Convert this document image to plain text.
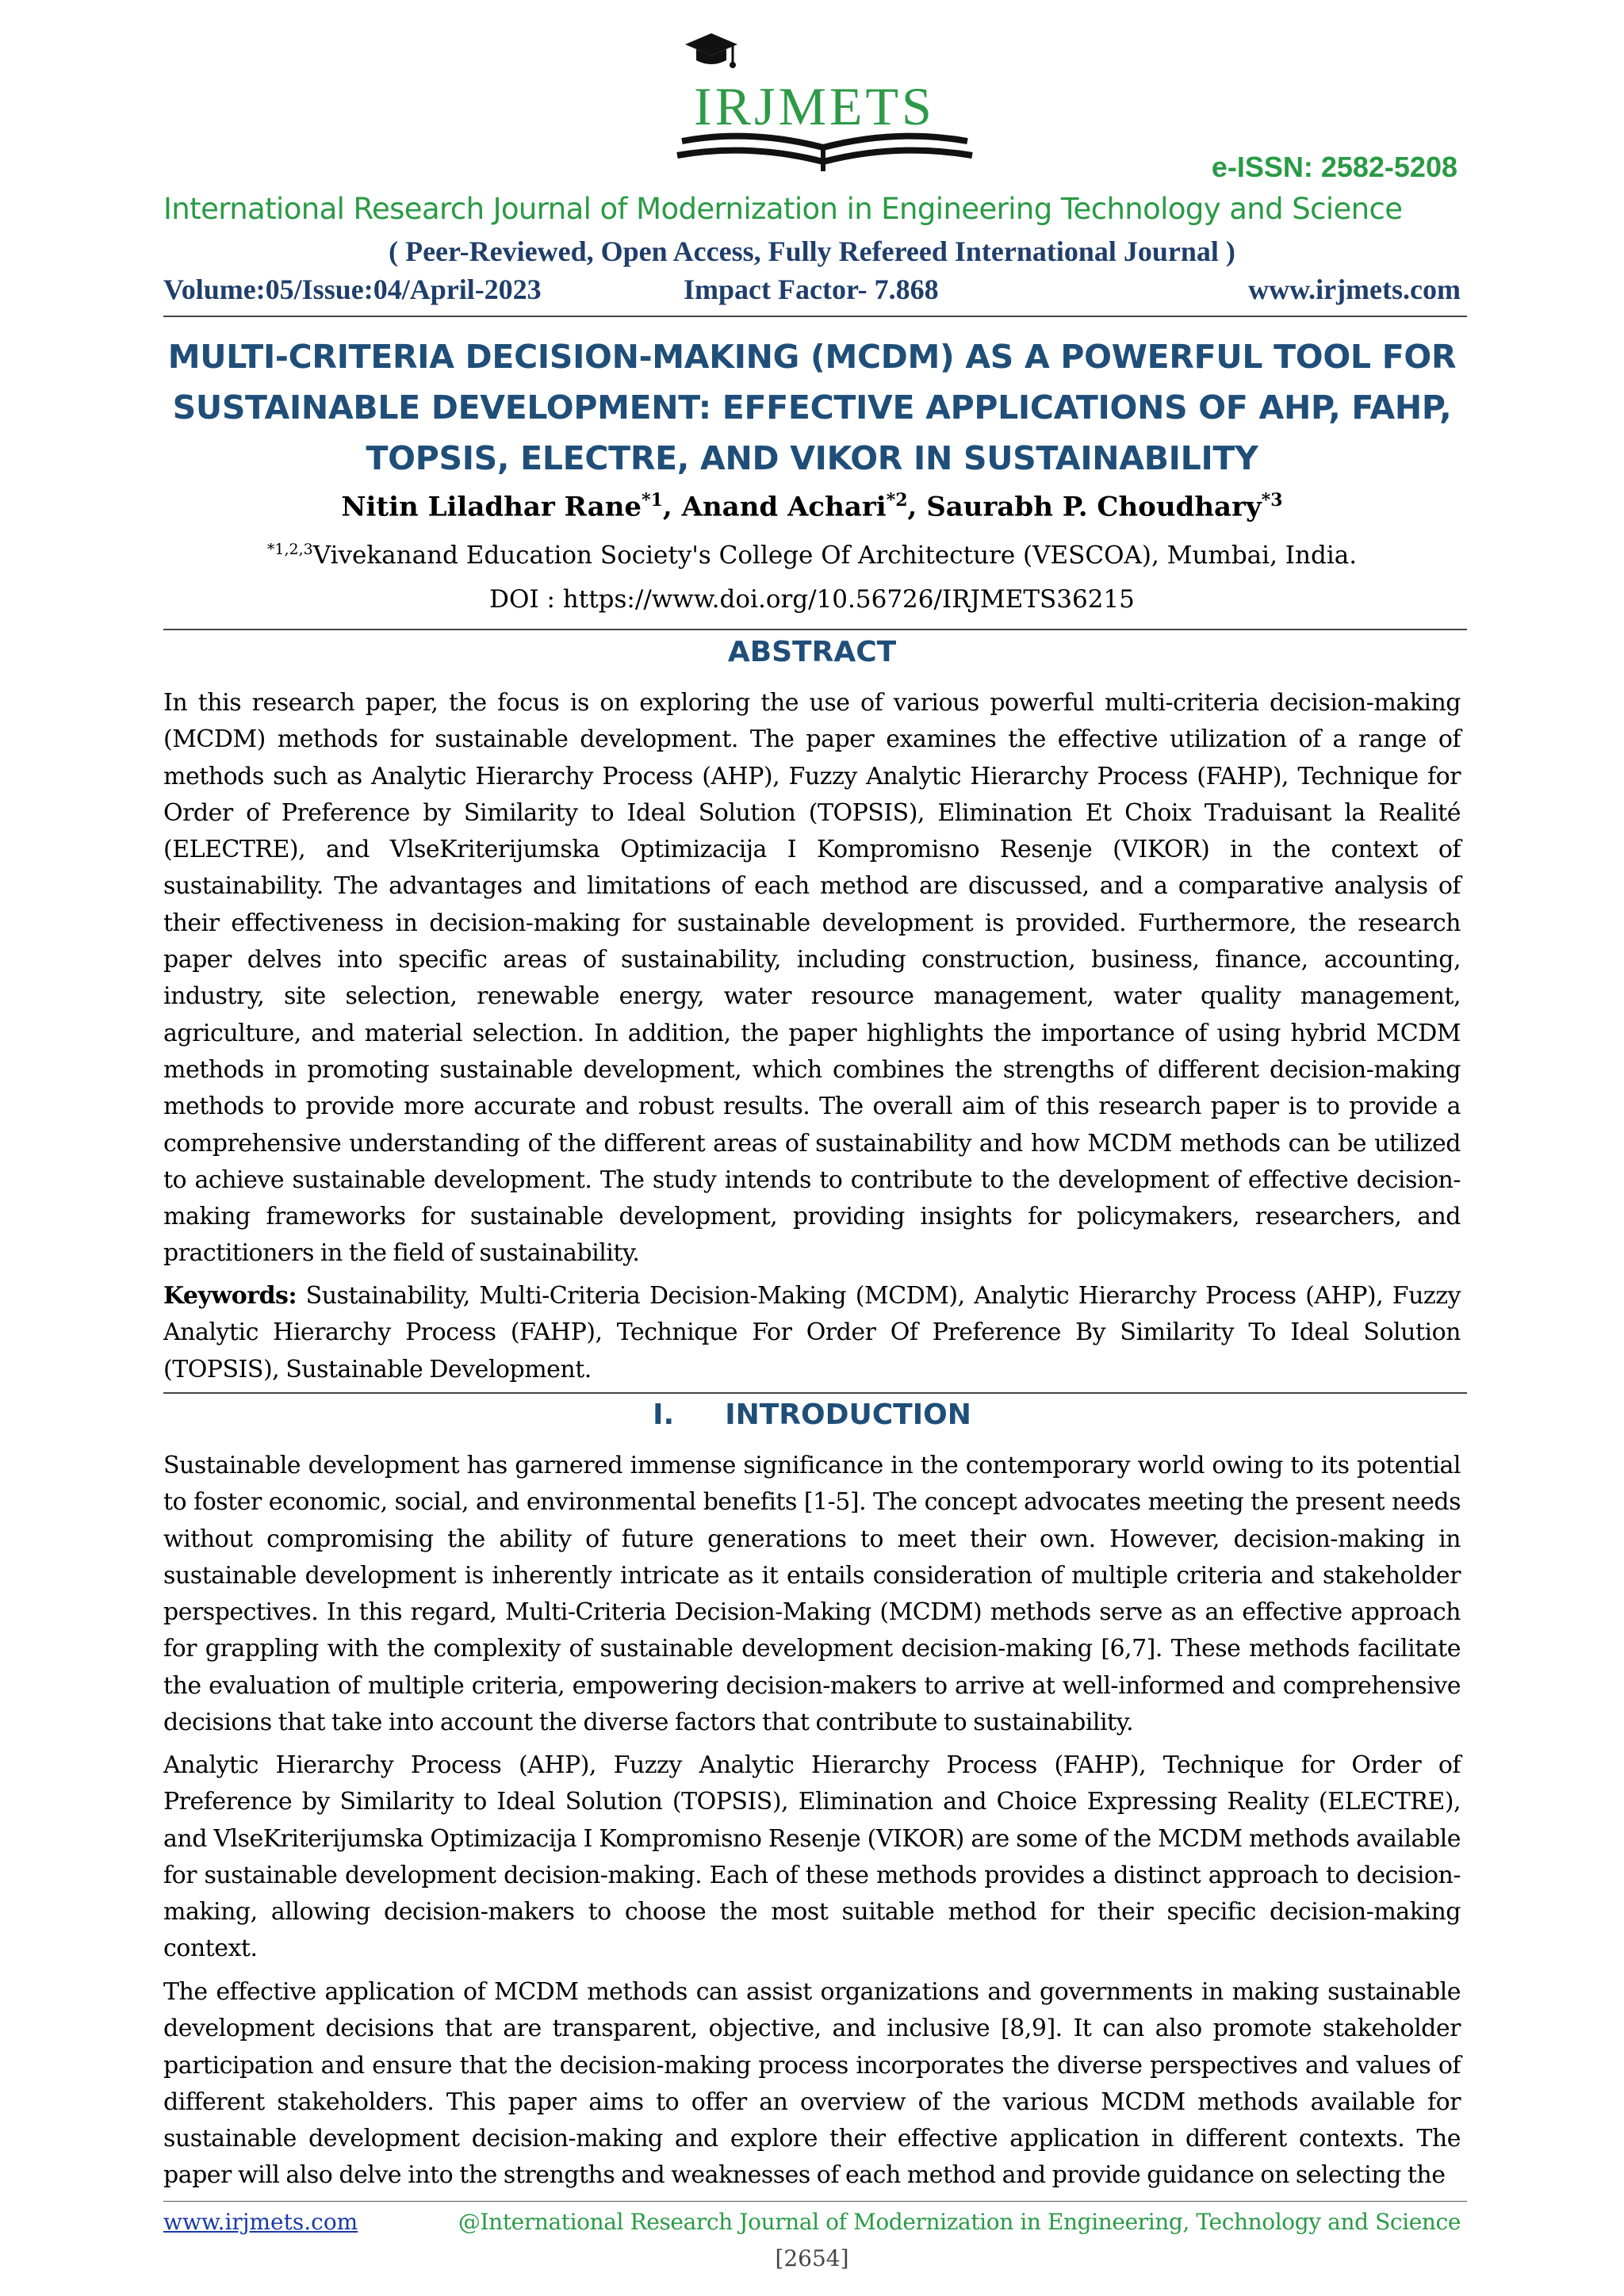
IRJMETS
e-ISSN: 2582-5208
International Research Journal of Modernization in Engineering Technology and Science
( Peer-Reviewed, Open Access, Fully Refereed International Journal )
Volume:05/Issue:04/April-2023	Impact Factor- 7.868	www.irjmets.com
MULTI-CRITERIA DECISION-MAKING (MCDM) AS A POWERFUL TOOL FOR
SUSTAINABLE DEVELOPMENT: EFFECTIVE APPLICATIONS OF AHP, FAHP,
TOPSIS, ELECTRE, AND VIKOR IN SUSTAINABILITY
Nitin Liladhar Rane$^{*1}$, Anand Achari$^{*2}$, Saurabh P. Choudhary$^{*3}$
$^{*1,2,3}$Vivekanand Education Society's College Of Architecture (VESCOA), Mumbai, India.
DOI : https://www.doi.org/10.56726/IRJMETS36215
ABSTRACT
In this research paper, the focus is on exploring the use of various powerful multi-criteria decision-making (MCDM) methods for sustainable development. The paper examines the effective utilization of a range of methods such as Analytic Hierarchy Process (AHP), Fuzzy Analytic Hierarchy Process (FAHP), Technique for Order of Preference by Similarity to Ideal Solution (TOPSIS), Elimination Et Choix Traduisant la Realité (ELECTRE), and VlseKriterijumska Optimizacija I Kompromisno Resenje (VIKOR) in the context of sustainability. The advantages and limitations of each method are discussed, and a comparative analysis of their effectiveness in decision-making for sustainable development is provided. Furthermore, the research paper delves into specific areas of sustainability, including construction, business, finance, accounting, industry, site selection, renewable energy, water resource management, water quality management, agriculture, and material selection. In addition, the paper highlights the importance of using hybrid MCDM methods in promoting sustainable development, which combines the strengths of different decision-making methods to provide more accurate and robust results. The overall aim of this research paper is to provide a comprehensive understanding of the different areas of sustainability and how MCDM methods can be utilized to achieve sustainable development. The study intends to contribute to the development of effective decision-making frameworks for sustainable development, providing insights for policymakers, researchers, and practitioners in the field of sustainability.
Keywords: Sustainability, Multi-Criteria Decision-Making (MCDM), Analytic Hierarchy Process (AHP), Fuzzy Analytic Hierarchy Process (FAHP), Technique For Order Of Preference By Similarity To Ideal Solution (TOPSIS), Sustainable Development.
I. INTRODUCTION
Sustainable development has garnered immense significance in the contemporary world owing to its potential to foster economic, social, and environmental benefits [1-5]. The concept advocates meeting the present needs without compromising the ability of future generations to meet their own. However, decision-making in sustainable development is inherently intricate as it entails consideration of multiple criteria and stakeholder perspectives. In this regard, Multi-Criteria Decision-Making (MCDM) methods serve as an effective approach for grappling with the complexity of sustainable development decision-making [6,7]. These methods facilitate the evaluation of multiple criteria, empowering decision-makers to arrive at well-informed and comprehensive decisions that take into account the diverse factors that contribute to sustainability.
Analytic Hierarchy Process (AHP), Fuzzy Analytic Hierarchy Process (FAHP), Technique for Order of Preference by Similarity to Ideal Solution (TOPSIS), Elimination and Choice Expressing Reality (ELECTRE), and VlseKriterijumska Optimizacija I Kompromisno Resenje (VIKOR) are some of the MCDM methods available for sustainable development decision-making. Each of these methods provides a distinct approach to decision-making, allowing decision-makers to choose the most suitable method for their specific decision-making context.
The effective application of MCDM methods can assist organizations and governments in making sustainable development decisions that are transparent, objective, and inclusive [8,9]. It can also promote stakeholder participation and ensure that the decision-making process incorporates the diverse perspectives and values of different stakeholders. This paper aims to offer an overview of the various MCDM methods available for sustainable development decision-making and explore their effective application in different contexts. The paper will also delve into the strengths and weaknesses of each method and provide guidance on selecting the
www.irjmets.com	@International Research Journal of Modernization in Engineering, Technology and Science
[2654]
